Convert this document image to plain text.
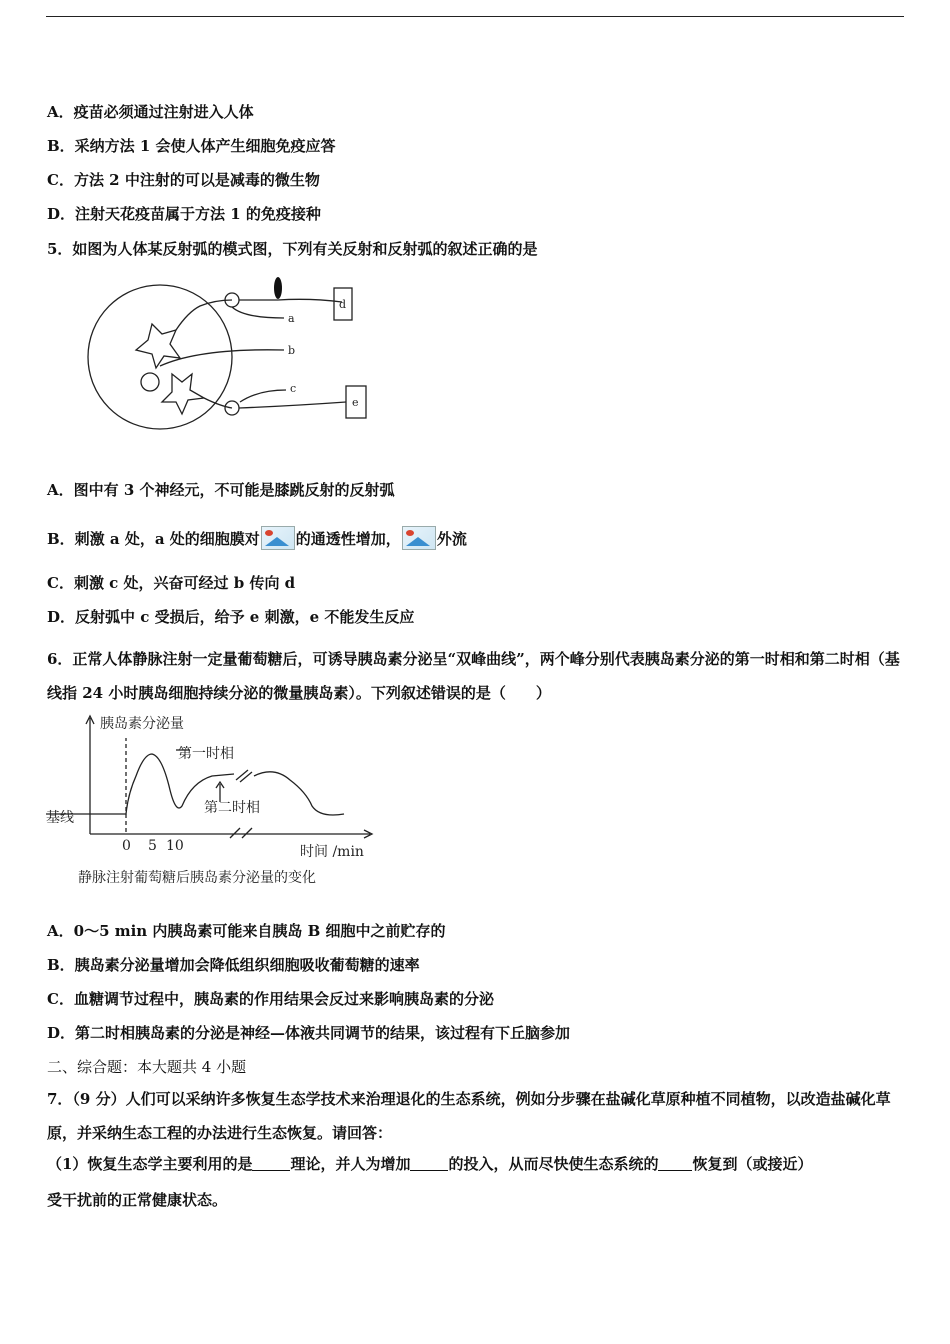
A．疫苗必须通过注射进入人体
B．采纳方法 1 会使人体产生细胞免疫应答
C．方法 2 中注射的可以是减毒的微生物
D．注射天花疫苗属于方法 1 的免疫接种
5．如图为人体某反射弧的模式图，下列有关反射和反射弧的叙述正确的是
a
b
c
d
e
A．图中有 3 个神经元，不可能是膝跳反射的反射弧
B．刺激 a 处，a 处的细胞膜对 的通透性增加， 外流
C．刺激 c 处，兴奋可经过 b 传向 d
D．反射弧中 c 受损后，给予 e 刺激，e 不能发生反应
6．正常人体静脉注射一定量葡萄糖后，可诱导胰岛素分泌呈“双峰曲线”，两个峰分别代表胰岛素分泌的第一时相和第二时相（基线指 24 小时胰岛细胞持续分泌的微量胰岛素）。下列叙述错误的是（　　）
胰岛素分泌量
第一时相
第二时相
基线
0 5 10	时间 /min
静脉注射葡萄糖后胰岛素分泌量的变化
A．0～5 min 内胰岛素可能来自胰岛 B 细胞中之前贮存的
B．胰岛素分泌量增加会降低组织细胞吸收葡萄糖的速率
C．血糖调节过程中，胰岛素的作用结果会反过来影响胰岛素的分泌
D．第二时相胰岛素的分泌是神经—体液共同调节的结果，该过程有下丘脑参加
二、综合题：本大题共 4 小题
7．（9 分）人们可以采纳许多恢复生态学技术来治理退化的生态系统，例如分步骤在盐碱化草原种植不同植物，以改造盐碱化草原，并采纳生态工程的办法进行生态恢复。请回答：
（1）恢复生态学主要利用的是	理论，并人为增加	的投入，从而尽快使生态系统的 恢复到（或接近）
受干扰前的正常健康状态。
